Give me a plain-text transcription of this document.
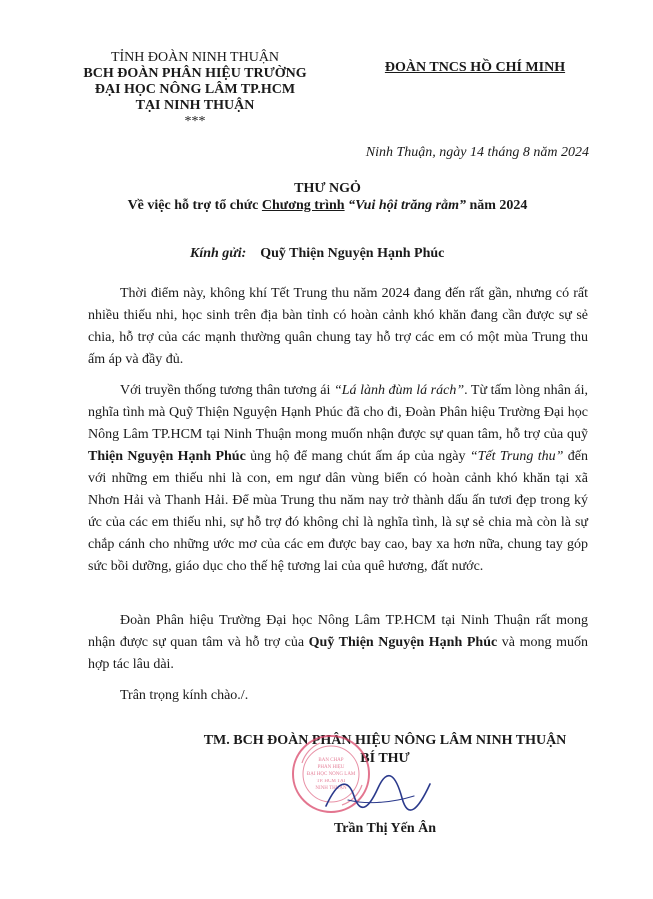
TỈNH ĐOÀN NINH THUẬN
BCH ĐOÀN PHÂN HIỆU TRƯỜNG
ĐẠI HỌC NÔNG LÂM TP.HCM
TẠI NINH THUẬN
***
ĐOÀN TNCS HỒ CHÍ MINH
Ninh Thuận, ngày 14 tháng 8 năm 2024
THƯ NGỎ
Về việc hỗ trợ tổ chức Chương trình “Vui hội trăng rằm” năm 2024
Kính gửi: Quỹ Thiện Nguyện Hạnh Phúc

Thời điểm này, không khí Tết Trung thu năm 2024 đang đến rất gần, nhưng có rất nhiều thiếu nhi, học sinh trên địa bàn tỉnh có hoàn cảnh khó khăn đang cần được sự sẻ chia, hỗ trợ của các mạnh thường quân chung tay hỗ trợ các em có một mùa Trung thu ấm áp và đầy đủ.

Với truyền thống tương thân tương ái “Lá lành đùm lá rách”. Từ tấm lòng nhân ái, nghĩa tình mà Quỹ Thiện Nguyện Hạnh Phúc đã cho đi, Đoàn Phân hiệu Trường Đại học Nông Lâm TP.HCM tại Ninh Thuận mong muốn nhận được sự quan tâm, hỗ trợ của quỹ Thiện Nguyện Hạnh Phúc ủng hộ để mang chút ấm áp của ngày “Tết Trung thu” đến với những em thiếu nhi là con, em ngư dân vùng biển có hoàn cảnh khó khăn tại xã Nhơn Hải và Thanh Hải. Để mùa Trung thu năm nay trở thành dấu ấn tươi đẹp trong ký ức của các em thiếu nhi, sự hỗ trợ đó không chỉ là nghĩa tình, là sự sẻ chia mà còn là sự chắp cánh cho những ước mơ của các em được bay cao, bay xa hơn nữa, chung tay góp sức bồi dưỡng, giáo dục cho thế hệ tương lai của quê hương, đất nước.

Đoàn Phân hiệu Trường Đại học Nông Lâm TP.HCM tại Ninh Thuận rất mong nhận được sự quan tâm và hỗ trợ của Quỹ Thiện Nguyện Hạnh Phúc và mong muốn hợp tác lâu dài.

Trân trọng kính chào./.

TM. BCH ĐOÀN PHÂN HIỆU NÔNG LÂM NINH THUẬN
BÍ THƯ
BAN CHẤP
PHÂN HIỆU
ĐẠI HỌC NÔNG LÂM
TP. HCM TẠI
NINH THUẬN
Trần Thị Yến Ân
